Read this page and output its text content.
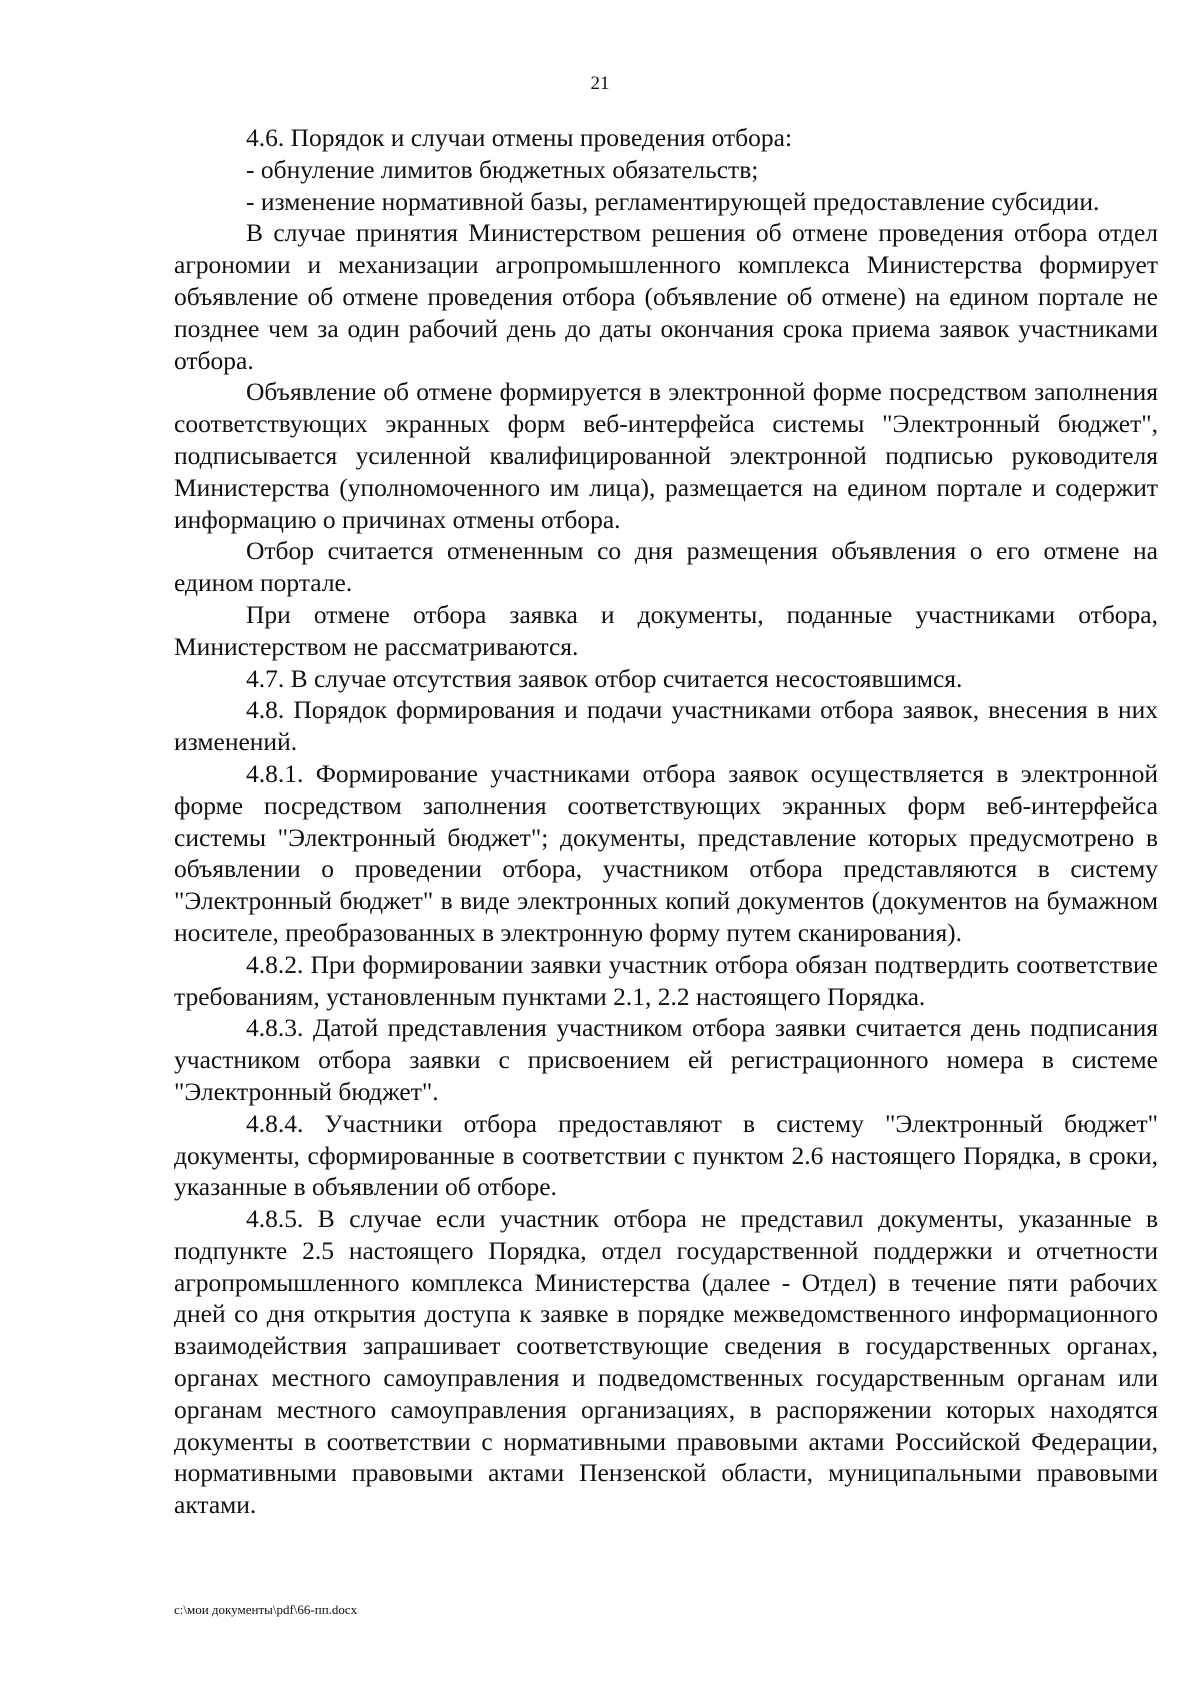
21

4.6. Порядок и случаи отмены проведения отбора:

- обнуление лимитов бюджетных обязательств;

- изменение нормативной базы, регламентирующей предоставление субсидии.

В случае принятия Министерством решения об отмене проведения отбора отдел агрономии и механизации агропромышленного комплекса Министерства формирует объявление об отмене проведения отбора (объявление об отмене) на едином портале не позднее чем за один рабочий день до даты окончания срока приема заявок участниками отбора.

Объявление об отмене формируется в электронной форме посредством заполнения соответствующих экранных форм веб-интерфейса системы "Электронный бюджет", подписывается усиленной квалифицированной электронной подписью руководителя Министерства (уполномоченного им лица), размещается на едином портале и содержит информацию о причинах отмены отбора.

Отбор считается отмененным со дня размещения объявления о его отмене на едином портале.

При отмене отбора заявка и документы, поданные участниками отбора, Министерством не рассматриваются.

4.7. В случае отсутствия заявок отбор считается несостоявшимся.

4.8. Порядок формирования и подачи участниками отбора заявок, внесения в них изменений.

4.8.1. Формирование участниками отбора заявок осуществляется в электронной форме посредством заполнения соответствующих экранных форм веб-интерфейса системы "Электронный бюджет"; документы, представление которых предусмотрено в объявлении о проведении отбора, участником отбора представляются в систему "Электронный бюджет" в виде электронных копий документов (документов на бумажном носителе, преобразованных в электронную форму путем сканирования).

4.8.2. При формировании заявки участник отбора обязан подтвердить соответствие требованиям, установленным пунктами 2.1, 2.2 настоящего Порядка.

4.8.3. Датой представления участником отбора заявки считается день подписания участником отбора заявки с присвоением ей регистрационного номера в системе "Электронный бюджет".

4.8.4. Участники отбора предоставляют в систему "Электронный бюджет" документы, сформированные в соответствии с пунктом 2.6 настоящего Порядка, в сроки, указанные в объявлении об отборе.

4.8.5. В случае если участник отбора не представил документы, указанные в подпункте 2.5 настоящего Порядка, отдел государственной поддержки и отчетности агропромышленного комплекса Министерства (далее - Отдел) в течение пяти рабочих дней со дня открытия доступа к заявке в порядке межведомственного информационного взаимодействия запрашивает соответствующие сведения в государственных органах, органах местного самоуправления и подведомственных государственным органам или органам местного самоуправления организациях, в распоряжении которых находятся документы в соответствии с нормативными правовыми актами Российской Федерации, нормативными правовыми актами Пензенской области, муниципальными правовыми актами.

c:\мои документы\pdf\66-пп.docx
